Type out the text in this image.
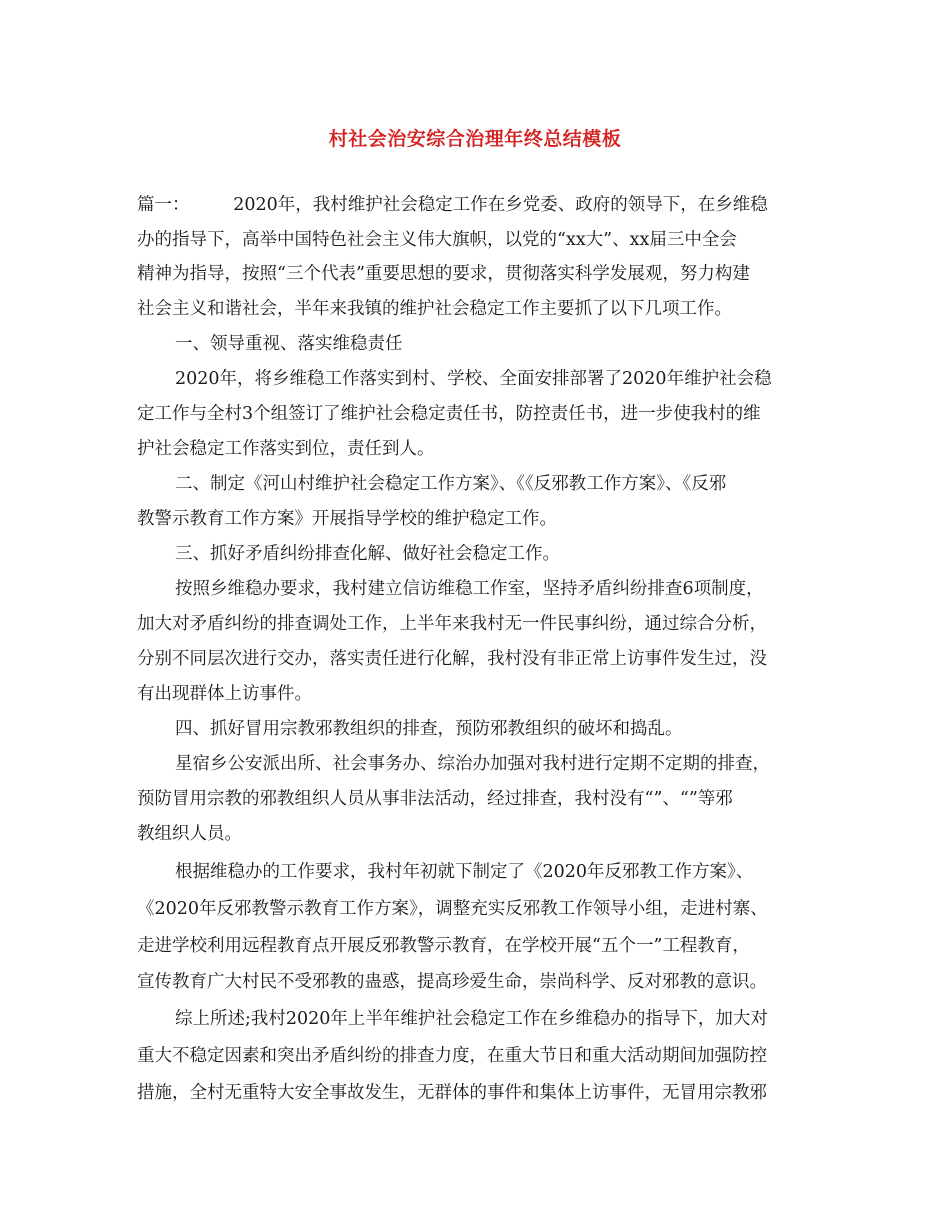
村社会治安综合治理年终总结模板
篇一：　　　2020年，我村维护社会稳定工作在乡党委、政府的领导下，在乡维稳
办的指导下，高举中国特色社会主义伟大旗帜，以党的“xx大”、xx届三中全会
精神为指导，按照“三个代表”重要思想的要求，贯彻落实科学发展观，努力构建
社会主义和谐社会，半年来我镇的维护社会稳定工作主要抓了以下几项工作。
一、领导重视、落实维稳责任
2020年，将乡维稳工作落实到村、学校、全面安排部署了2020年维护社会稳
定工作与全村3个组签订了维护社会稳定责任书，防控责任书，进一步使我村的维
护社会稳定工作落实到位，责任到人。
二、制定《河山村维护社会稳定工作方案》、《《反邪教工作方案》、《反邪
教警示教育工作方案》开展指导学校的维护稳定工作。
三、抓好矛盾纠纷排查化解、做好社会稳定工作。
按照乡维稳办要求，我村建立信访维稳工作室，坚持矛盾纠纷排查6项制度，
加大对矛盾纠纷的排查调处工作，上半年来我村无一件民事纠纷，通过综合分析，
分别不同层次进行交办，落实责任进行化解，我村没有非正常上访事件发生过，没
有出现群体上访事件。
四、抓好冒用宗教邪教组织的排查，预防邪教组织的破坏和捣乱。
星宿乡公安派出所、社会事务办、综治办加强对我村进行定期不定期的排查，
预防冒用宗教的邪教组织人员从事非法活动，经过排查，我村没有“”、“”等邪
教组织人员。
根据维稳办的工作要求，我村年初就下制定了《2020年反邪教工作方案》、
《2020年反邪教警示教育工作方案》，调整充实反邪教工作领导小组，走进村寨、
走进学校利用远程教育点开展反邪教警示教育，在学校开展“五个一”工程教育，
宣传教育广大村民不受邪教的蛊惑，提高珍爱生命，崇尚科学、反对邪教的意识。
综上所述;我村2020年上半年维护社会稳定工作在乡维稳办的指导下，加大对
重大不稳定因素和突出矛盾纠纷的排查力度，在重大节日和重大活动期间加强防控
措施，全村无重特大安全事故发生，无群体的事件和集体上访事件，无冒用宗教邪
